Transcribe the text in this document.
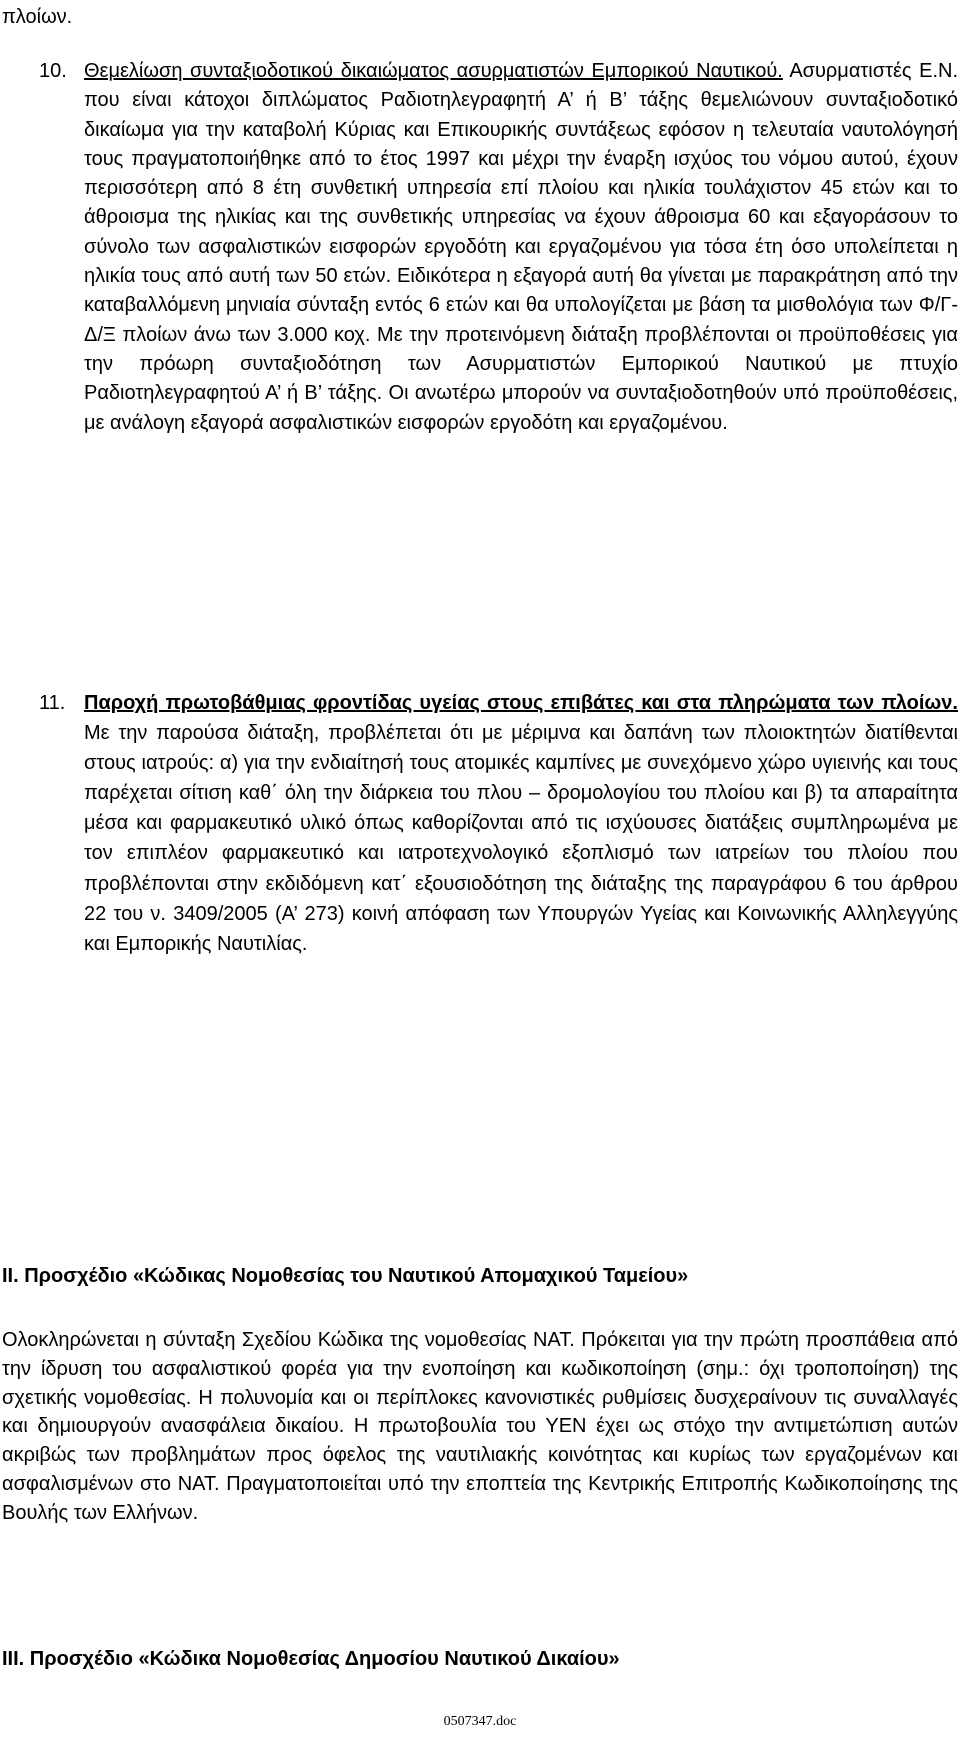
πλοίων.

10. Θεμελίωση συνταξιοδοτικού δικαιώματος ασυρματιστών Εμπορικού Ναυτικού. Ασυρματιστές Ε.Ν. που είναι κάτοχοι διπλώματος Ραδιοτηλεγραφητή Α’ ή Β’ τάξης θεμελιώνουν συνταξιοδοτικό δικαίωμα για την καταβολή Κύριας και Επικουρικής συντάξεως εφόσον η τελευταία ναυτολόγησή τους πραγματοποιήθηκε από το έτος 1997 και μέχρι την έναρξη ισχύος του νόμου αυτού, έχουν περισσότερη από 8 έτη συνθετική υπηρεσία επί πλοίου και ηλικία τουλάχιστον 45 ετών και το άθροισμα της ηλικίας και της συνθετικής υπηρεσίας να έχουν άθροισμα 60 και εξαγοράσουν το σύνολο των ασφαλιστικών εισφορών εργοδότη και εργαζομένου για τόσα έτη όσο υπολείπεται η ηλικία τους από αυτή των 50 ετών. Ειδικότερα η εξαγορά αυτή θα γίνεται με παρακράτηση από την καταβαλλόμενη μηνιαία σύνταξη εντός 6 ετών και θα υπολογίζεται με βάση τα μισθολόγια των Φ/Γ-Δ/Ξ πλοίων άνω των 3.000 κοχ. Με την προτεινόμενη διάταξη προβλέπονται οι προϋποθέσεις για την πρόωρη συνταξιοδότηση των Ασυρματιστών Εμπορικού Ναυτικού με πτυχίο Ραδιοτηλεγραφητού Α’ ή Β’ τάξης. Οι ανωτέρω μπορούν να συνταξιοδοτηθούν υπό προϋποθέσεις, με ανάλογη εξαγορά ασφαλιστικών εισφορών εργοδότη και εργαζομένου.
11. Παροχή πρωτοβάθμιας φροντίδας υγείας στους επιβάτες και στα πληρώματα των πλοίων. Με την παρούσα διάταξη, προβλέπεται ότι με μέριμνα και δαπάνη των πλοιοκτητών διατίθενται στους ιατρούς: α) για την ενδιαίτησή τους ατομικές καμπίνες με συνεχόμενο χώρο υγιεινής και τους παρέχεται σίτιση καθ΄ όλη την διάρκεια του πλου – δρομολογίου του πλοίου και β) τα απαραίτητα μέσα και φαρμακευτικό υλικό όπως καθορίζονται από τις ισχύουσες διατάξεις συμπληρωμένα με τον επιπλέον φαρμακευτικό και ιατροτεχνολογικό εξοπλισμό των ιατρείων του πλοίου που προβλέπονται στην εκδιδόμενη κατ΄ εξουσιοδότηση της διάταξης της παραγράφου 6 του άρθρου 22 του ν. 3409/2005 (Α’ 273) κοινή απόφαση των Υπουργών Υγείας και Κοινωνικής Αλληλεγγύης και Εμπορικής Ναυτιλίας.

ΙΙ. Προσχέδιο «Κώδικας Νομοθεσίας του Ναυτικού Απομαχικού Ταμείου»

Ολοκληρώνεται η σύνταξη Σχεδίου Κώδικα της νομοθεσίας ΝΑΤ. Πρόκειται για την πρώτη προσπάθεια από την ίδρυση του ασφαλιστικού φορέα για την ενοποίηση και κωδικοποίηση (σημ.: όχι τροποποίηση) της σχετικής νομοθεσίας. Η πολυνομία και οι περίπλοκες κανονιστικές ρυθμίσεις δυσχεραίνουν τις συναλλαγές και δημιουργούν ανασφάλεια δικαίου. Η πρωτοβουλία του ΥΕΝ έχει ως στόχο την αντιμετώπιση αυτών ακριβώς των προβλημάτων προς όφελος της ναυτιλιακής κοινότητας και κυρίως των εργαζομένων και ασφαλισμένων στο ΝΑΤ. Πραγματοποιείται υπό την εποπτεία της Κεντρικής Επιτροπής Κωδικοποίησης της Βουλής των Ελλήνων.

ΙΙΙ. Προσχέδιο «Κώδικα Νομοθεσίας Δημοσίου Ναυτικού Δικαίου»

0507347.doc
